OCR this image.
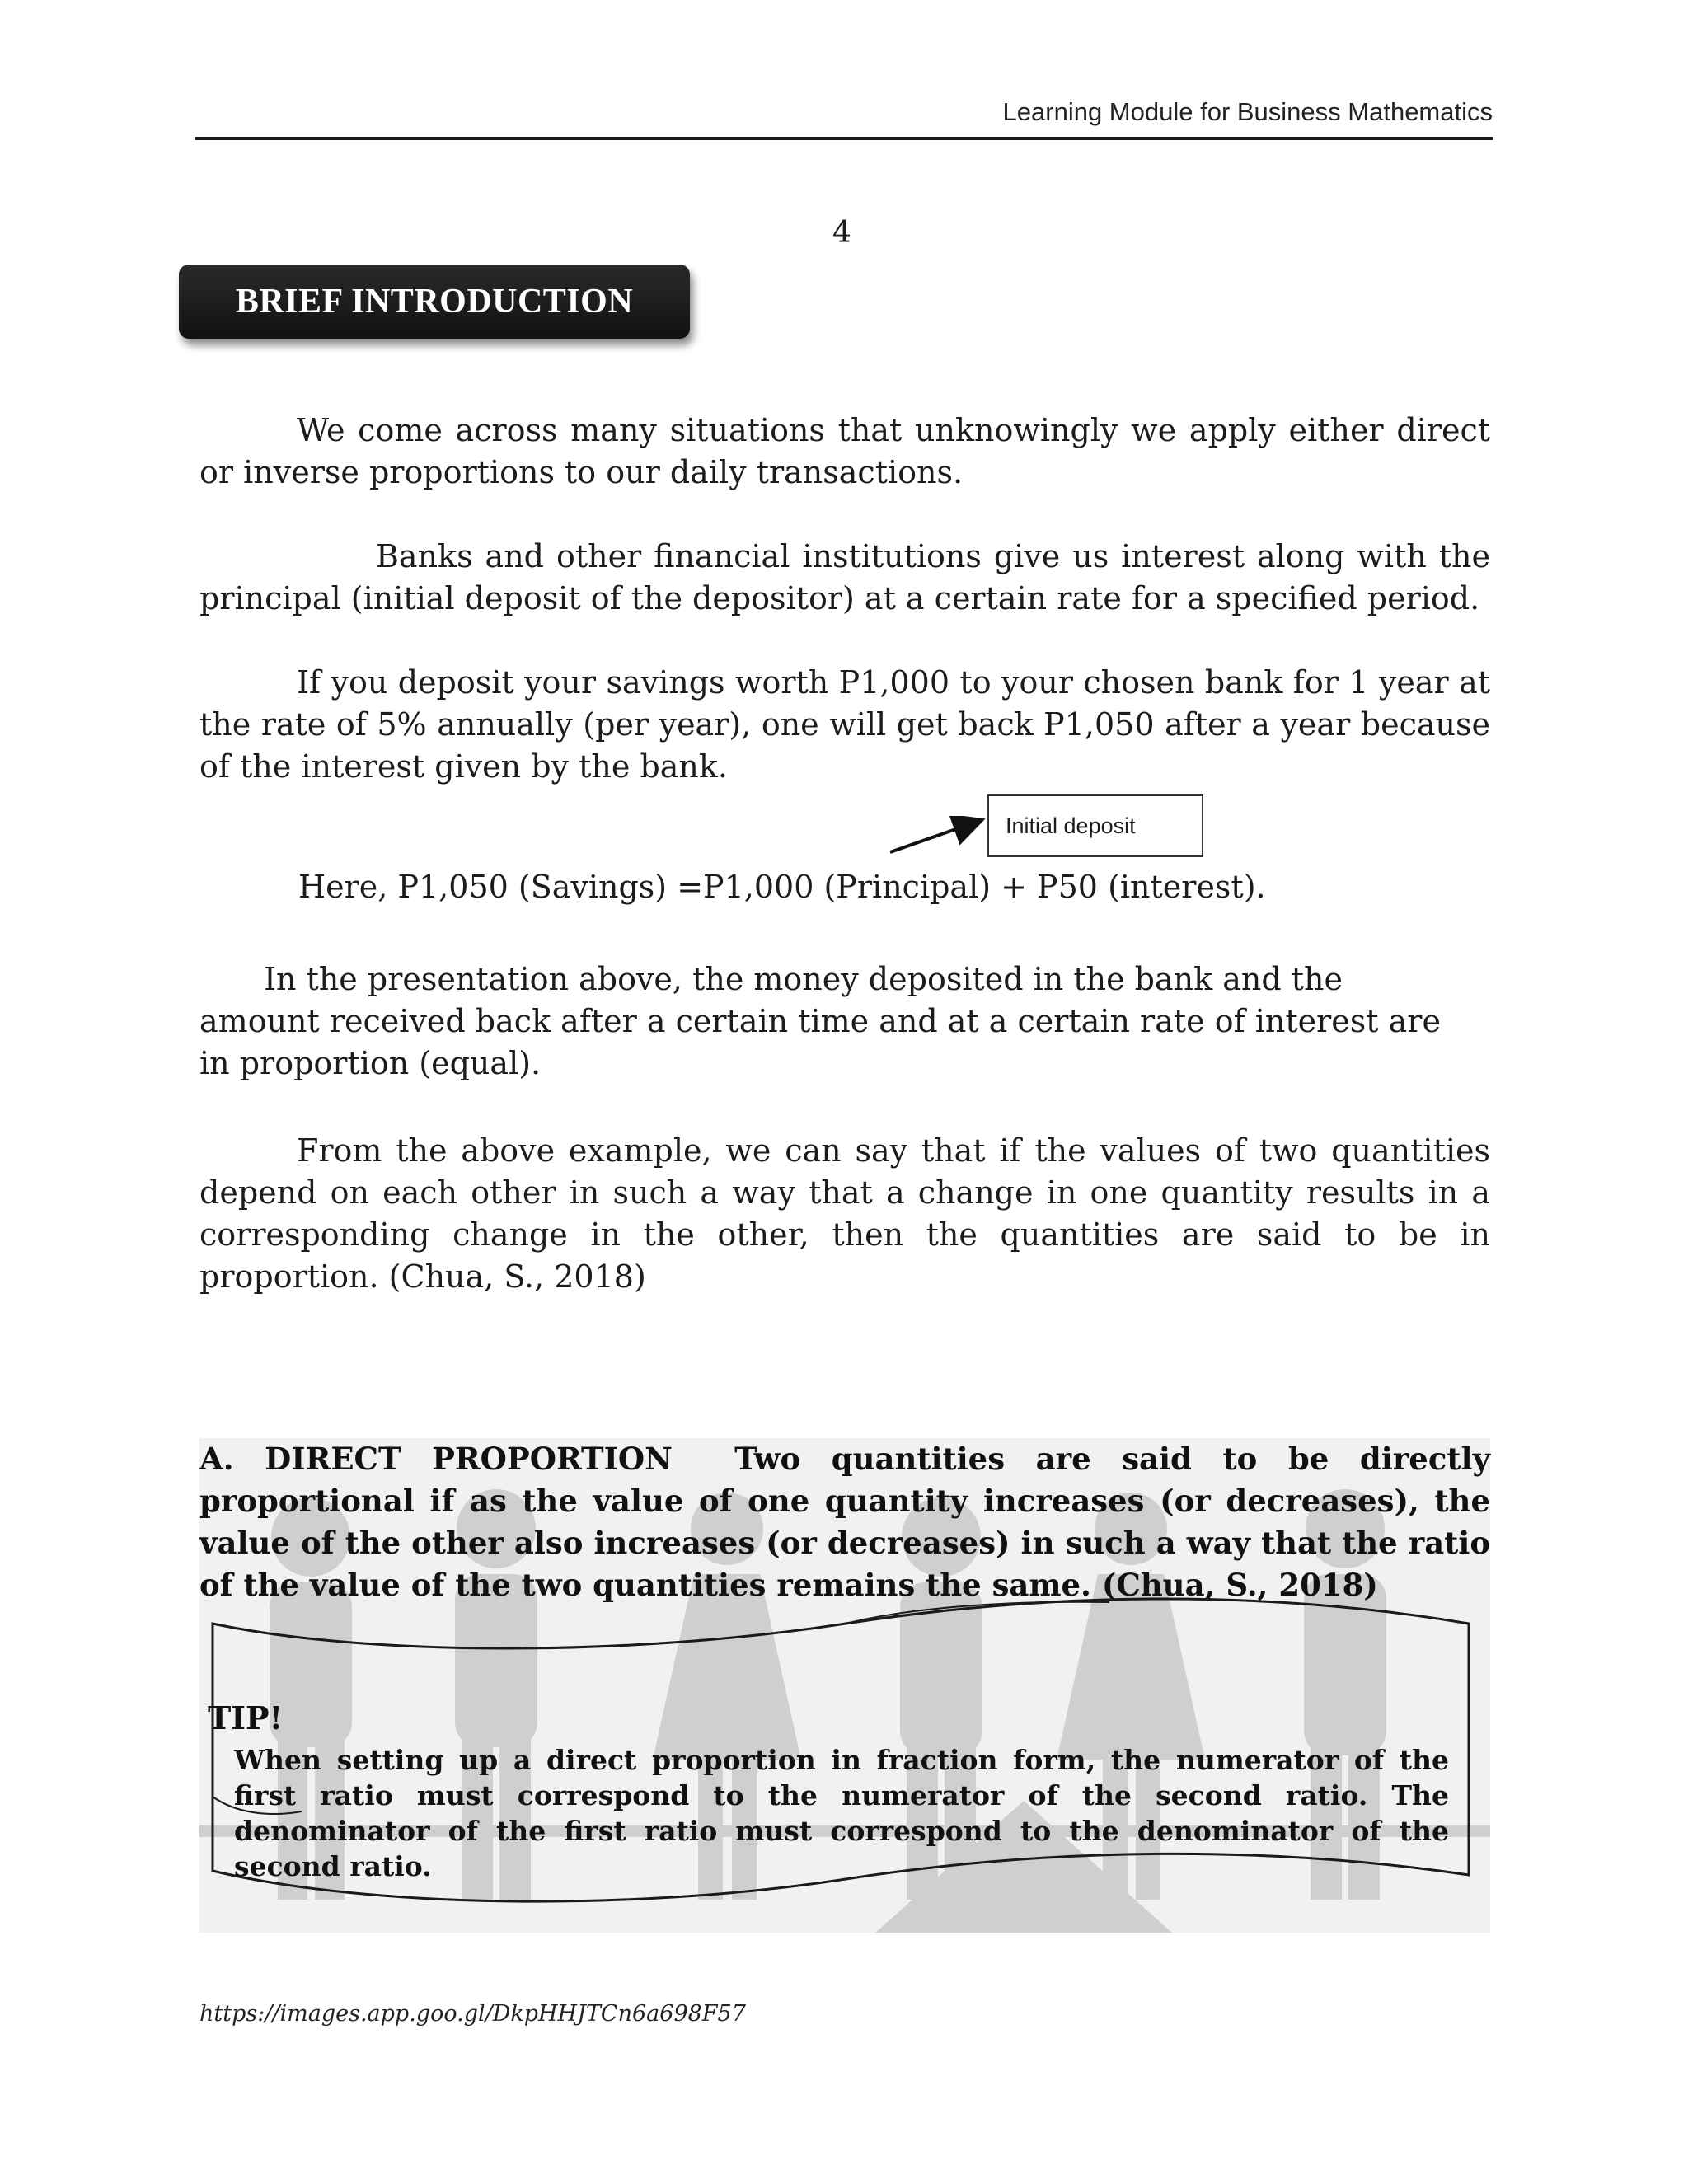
Learning Module for Business Mathematics
4
BRIEF INTRODUCTION

We come across many situations that unknowingly we apply either direct or inverse proportions to our daily transactions.

Banks and other financial institutions give us interest along with the principal (initial deposit of the depositor) at a certain rate for a specified period.

If you deposit your savings worth P1,000 to your chosen bank for 1 year at the rate of 5% annually (per year), one will get back P1,050 after a year because of the interest given by the bank.

Initial deposit
Here, P1,050 (Savings) =P1,000 (Principal) + P50 (interest).
In the presentation above, the money deposited in the bank and the
amount received back after a certain time and at a certain rate of interest are
in proportion (equal).

From the above example, we can say that if the values of two quantities depend on each other in such a way that a change in one quantity results in a corresponding change in the other, then the quantities are said to be in proportion. (Chua, S., 2018)

A. DIRECT PROPORTION Two quantities are said to be directly proportional if as the value of one quantity increases (or decreases), the value of the other also increases (or decreases) in such a way that the ratio of the value of the two quantities remains the same. (Chua, S., 2018)

TIP!

When setting up a direct proportion in fraction form, the numerator of the first ratio must correspond to the numerator of the second ratio. The denominator of the first ratio must correspond to the denominator of the second ratio.

https://images.app.goo.gl/DkpHHJTCn6a698F57
